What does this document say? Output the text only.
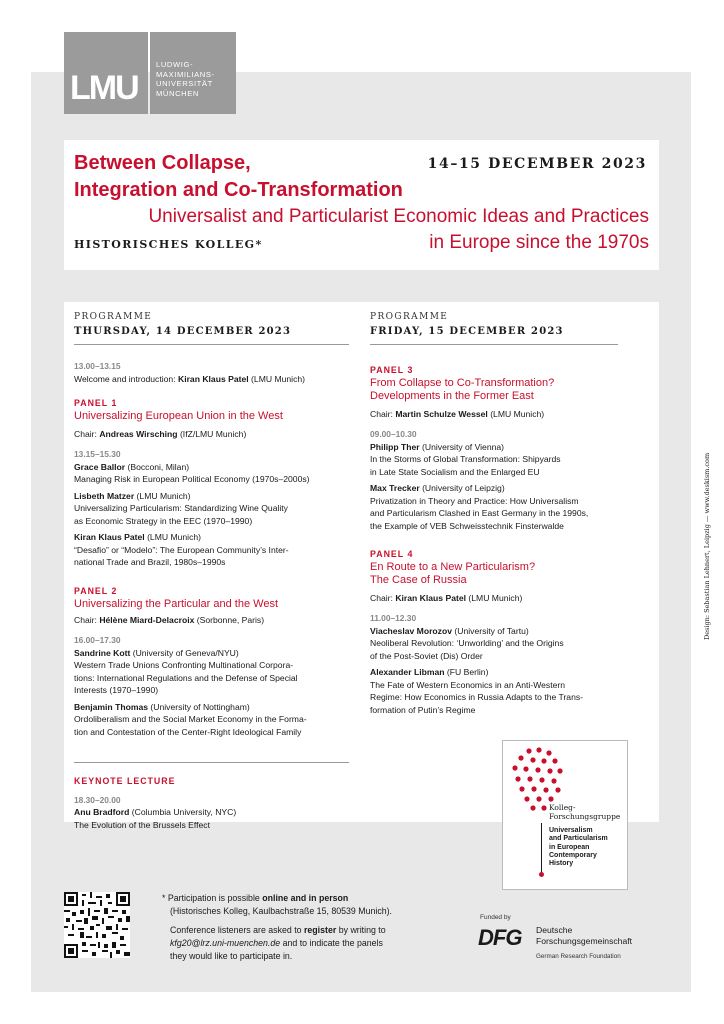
LMU
LUDWIG-
MAXIMILIANS-
UNIVERSITÄT
MÜNCHEN
Between Collapse,
Integration and Co-Transformation
14–15 DECEMBER 2023
Universalist and Particularist Economic Ideas and Practices
in Europe since the 1970s
HISTORISCHES KOLLEG*
PROGRAMME
THURSDAY, 14 DECEMBER 2023
13.00–13.15
Welcome and introduction: Kiran Klaus Patel (LMU Munich)
PANEL 1
Universalizing European Union in the West
Chair: Andreas Wirsching (IfZ/LMU Munich)
13.15–15.30
Grace Ballor (Bocconi, Milan)
Managing Risk in European Political Economy (1970s–2000s)
Lisbeth Matzer (LMU Munich)
Universalizing Particularism: Standardizing Wine Quality
as Economic Strategy in the EEC (1970–1990)
Kiran Klaus Patel (LMU Munich)
“Desafio” or “Modelo”: The European Community’s Inter-
national Trade and Brazil, 1980s–1990s
PANEL 2
Universalizing the Particular and the West
Chair: Hélène Miard-Delacroix (Sorbonne, Paris)
16.00–17.30
Sandrine Kott (University of Geneva/NYU)
Western Trade Unions Confronting Multinational Corpora-
tions: International Regulations and the Defense of Special
Interests (1970–1990)
Benjamin Thomas (University of Nottingham)
Ordoliberalism and the Social Market Economy in the Forma-
tion and Contestation of the Center-Right Ideological Family
KEYNOTE LECTURE
18.30–20.00
Anu Bradford (Columbia University, NYC)
The Evolution of the Brussels Effect
PROGRAMME
FRIDAY, 15 DECEMBER 2023
PANEL 3
From Collapse to Co-Transformation?
Developments in the Former East
Chair: Martin Schulze Wessel (LMU Munich)
09.00–10.30
Philipp Ther (University of Vienna)
In the Storms of Global Transformation: Shipyards
in Late State Socialism and the Enlarged EU
Max Trecker (University of Leipzig)
Privatization in Theory and Practice: How Universalism
and Particularism Clashed in East Germany in the 1990s,
the Example of VEB Schweisstechnik Finsterwalde
PANEL 4
En Route to a New Particularism?
The Case of Russia
Chair: Kiran Klaus Patel (LMU Munich)
11.00–12.30
Viacheslav Morozov (University of Tartu)
Neoliberal Revolution: ‘Unworlding’ and the Origins
of the Post-Soviet (Dis) Order
Alexander Libman (FU Berlin)
The Fate of Western Economics in an Anti-Western
Regime: How Economics in Russia Adapts to the Trans-
formation of Putin’s Regime
Kolleg-
Forschungsgruppe
Universalism
and Particularism
in European
Contemporary
History
* Participation is possible online and in person
(Historisches Kolleg, Kaulbachstraße 15, 80539 Munich).
Conference listeners are asked to register by writing to
kfg20@lrz.uni-muenchen.de and to indicate the panels
they would like to participate in.
Funded by
DFG Deutsche
Forschungsgemeinschaft
German Research Foundation
Design: Sebastian Lehnert, Leipzig — www.deskism.com
